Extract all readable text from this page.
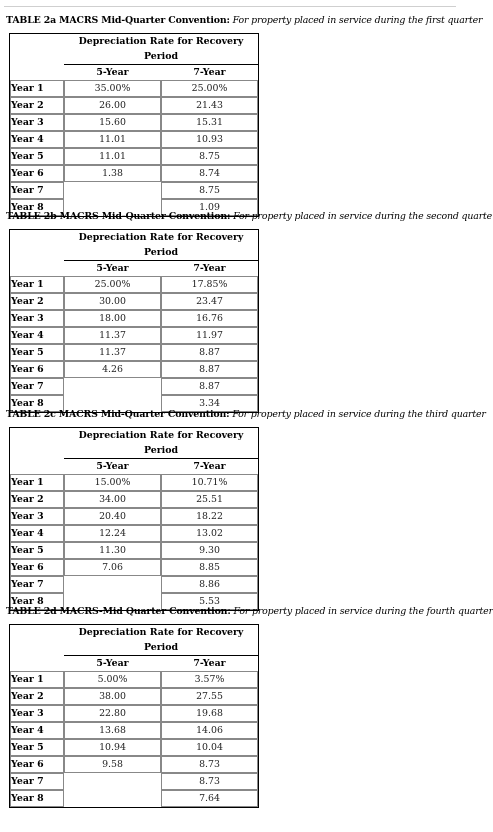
TABLE 2a MACRS Mid-Quarter Convention: For property placed in service during the first quarter
	Depreciation Rate for Recovery Period	
	5-Year	7-Year
Year 1	35.00%	25.00%
Year 2	26.00	21.43
Year 3	15.60	15.31
Year 4	11.01	10.93
Year 5	11.01	8.75
Year 6	1.38	8.74
Year 7		8.75
Year 8		1.09
TABLE 2b MACRS Mid-Quarter Convention: For property placed in service during the second quarte
	Depreciation Rate for Recovery Period	
	5-Year	7-Year
Year 1	25.00%	17.85%
Year 2	30.00	23.47
Year 3	18.00	16.76
Year 4	11.37	11.97
Year 5	11.37	8.87
Year 6	4.26	8.87
Year 7		8.87
Year 8		3.34
TABLE 2c MACRS Mid-Quarter Convention: For property placed in service during the third quarter
	Depreciation Rate for Recovery Period	
	5-Year	7-Year
Year 1	15.00%	10.71%
Year 2	34.00	25.51
Year 3	20.40	18.22
Year 4	12.24	13.02
Year 5	11.30	9.30
Year 6	7.06	8.85
Year 7		8.86
Year 8		5.53
TABLE 2d MACRS-Mid Quarter Convention: For property placed in service during the fourth quarter
	Depreciation Rate for Recovery Period	
	5-Year	7-Year
Year 1	5.00%	3.57%
Year 2	38.00	27.55
Year 3	22.80	19.68
Year 4	13.68	14.06
Year 5	10.94	10.04
Year 6	9.58	8.73
Year 7		8.73
Year 8		7.64
